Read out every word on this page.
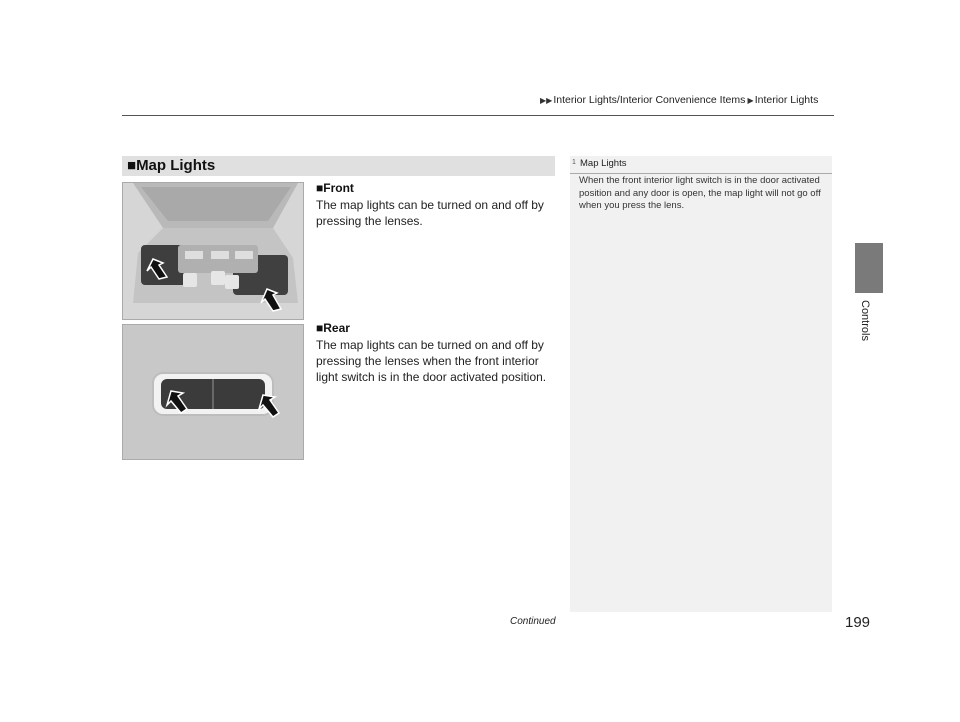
▶▶Interior Lights/Interior Convenience Items ▶Interior Lights
Controls
■Map Lights
■Front
The map lights can be turned on and off by pressing the lenses.
■Rear
The map lights can be turned on and off by pressing the lenses when the front interior light switch is in the door activated position.
1 Map Lights
When the front interior light switch is in the door activated position and any door is open, the map light will not go off when you press the lens.
Continued	199
